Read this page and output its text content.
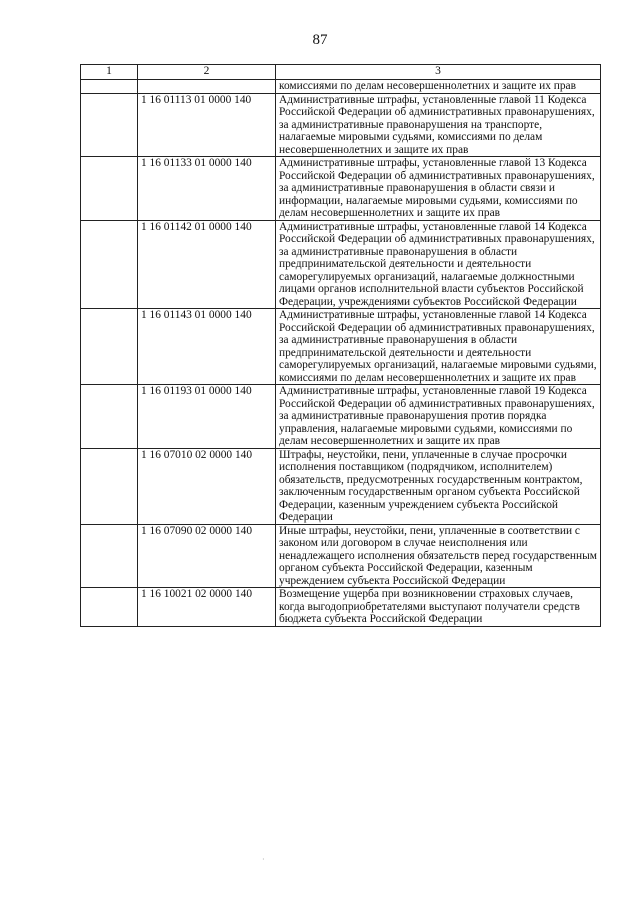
87
1	2	3
		комиссиями по делам несовершеннолетних и защите их прав
	1 16 01113 01 0000 140	Административные штрафы, установленные главой 11 Кодекса Российской Федерации об административных правонарушениях, за административные правонарушения на транспорте, налагаемые мировыми судьями, комиссиями по делам несовершеннолетних и защите их прав
	1 16 01133 01 0000 140	Административные штрафы, установленные главой 13 Кодекса Российской Федерации об административных правонарушениях, за административные правонарушения в области связи и информации, налагаемые мировыми судьями, комиссиями по делам несовершеннолетних и защите их прав
	1 16 01142 01 0000 140	Административные штрафы, установленные главой 14 Кодекса Российской Федерации об административных правонарушениях, за административные правонарушения в области предпринимательской деятельности и деятельности саморегулируемых организаций, налагаемые должностными лицами органов исполнительной власти субъектов Российской Федерации, учреждениями субъектов Российской Федерации
	1 16 01143 01 0000 140	Административные штрафы, установленные главой 14 Кодекса Российской Федерации об административных правонарушениях, за административные правонарушения в области предпринимательской деятельности и деятельности саморегулируемых организаций, налагаемые мировыми судьями, комиссиями по делам несовершеннолетних и защите их прав
	1 16 01193 01 0000 140	Административные штрафы, установленные главой 19 Кодекса Российской Федерации об административных правонарушениях, за административные правонарушения против порядка управления, налагаемые мировыми судьями, комиссиями по делам несовершеннолетних и защите их прав
	1 16 07010 02 0000 140	Штрафы, неустойки, пени, уплаченные в случае просрочки исполнения поставщиком (подрядчиком, исполнителем) обязательств, предусмотренных государственным контрактом, заключенным государственным органом субъекта Российской Федерации, казенным учреждением субъекта Российской Федерации
	1 16 07090 02 0000 140	Иные штрафы, неустойки, пени, уплаченные в соответствии с законом или договором в случае неисполнения или ненадлежащего исполнения обязательств перед государственным органом субъекта Российской Федерации, казенным учреждением субъекта Российской Федерации
	1 16 10021 02 0000 140	Возмещение ущерба при возникновении страховых случаев, когда выгодоприобретателями выступают получатели средств бюджета субъекта Российской Федерации
·
